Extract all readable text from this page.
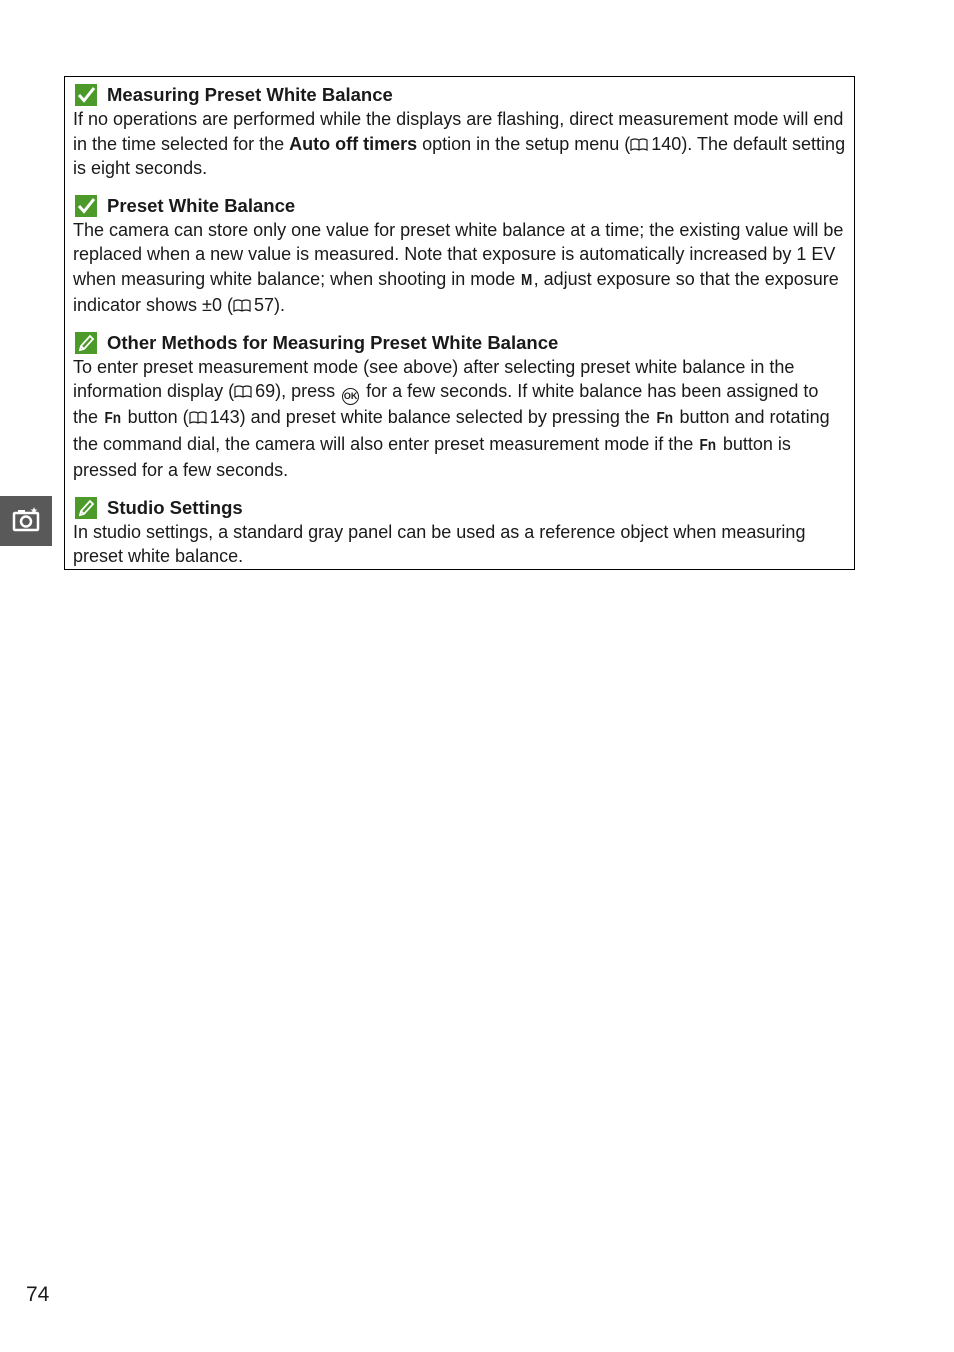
Measuring Preset White Balance
If no operations are performed while the displays are flashing, direct measurement mode will end in the time selected for the Auto off timers option in the setup menu ( 140). The default setting is eight seconds.
Preset White Balance
The camera can store only one value for preset white balance at a time; the existing value will be replaced when a new value is measured. Note that exposure is automatically increased by 1 EV when measuring white balance; when shooting in mode M, adjust exposure so that the exposure indicator shows ±0 ( 57).
Other Methods for Measuring Preset White Balance
To enter preset measurement mode (see above) after selecting preset white balance in the information display ( 69), press OK for a few seconds. If white balance has been assigned to the Fn button ( 143) and preset white balance selected by pressing the Fn button and rotating the command dial, the camera will also enter preset measurement mode if the Fn button is pressed for a few seconds.
Studio Settings
In studio settings, a standard gray panel can be used as a reference object when measuring preset white balance.
74
